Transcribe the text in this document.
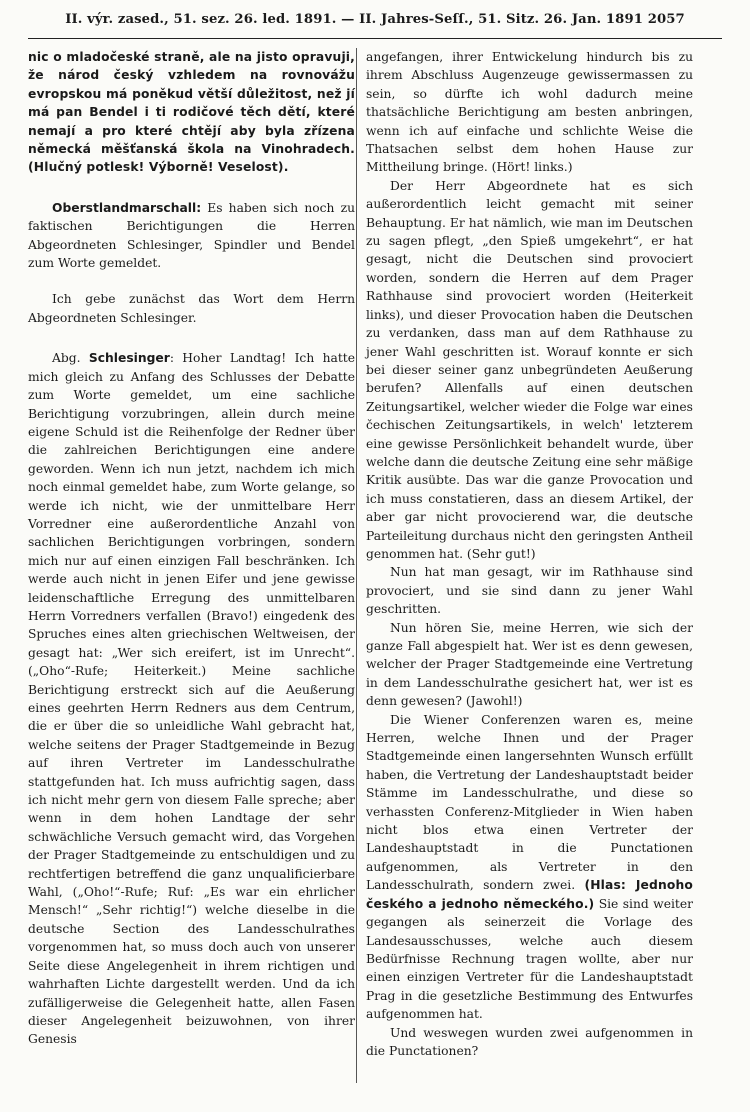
II. výr. zased., 51. sez. 26. led. 1891. — II. Jahres-Seſſ., 51. Sitz. 26. Jan. 1891 2057

nic o mladočeské straně, ale na jisto opravuji, že národ český vzhledem na rovnovážu evropskou má poněkud větší důležitost, než jí má pan Bendel i ti rodičové těch dětí, které nemají a pro které chtějí aby byla zřízena německá měšťanská škola na Vinohradech. (Hlučný potlesk! Výborně! Veselost).

Oberstlandmarschall: Es haben sich noch zu faktischen Berichtigungen die Herren Abgeordneten Schlesinger, Spindler und Bendel zum Worte gemeldet.

Ich gebe zunächst das Wort dem Herrn Abgeordneten Schlesinger.

Abg. Schlesinger: Hoher Landtag! Ich hatte mich gleich zu Anfang des Schlusses der Debatte zum Worte gemeldet, um eine sachliche Berichtigung vorzubringen, allein durch meine eigene Schuld ist die Reihenfolge der Redner über die zahlreichen Berichtigungen eine andere geworden. Wenn ich nun jetzt, nachdem ich mich noch einmal gemeldet habe, zum Worte gelange, so werde ich nicht, wie der unmittelbare Herr Vorredner eine außerordentliche Anzahl von sachlichen Berichtigungen vorbringen, sondern mich nur auf einen einzigen Fall beschränken. Ich werde auch nicht in jenen Eifer und jene gewisse leidenschaftliche Erregung des unmittelbaren Herrn Vorredners verfallen (Bravo!) eingedenk des Spruches eines alten griechischen Weltweisen, der gesagt hat: „Wer sich ereifert, ist im Unrecht“. („Oho“-Rufe; Heiterkeit.) Meine sachliche Berichtigung erstreckt sich auf die Aeußerung eines geehrten Herrn Redners aus dem Centrum, die er über die so unleidliche Wahl gebracht hat, welche seitens der Prager Stadtgemeinde in Bezug auf ihren Vertreter im Landesschulrathe stattgefunden hat. Ich muss aufrichtig sagen, dass ich nicht mehr gern von diesem Falle spreche; aber wenn in dem hohen Landtage der sehr schwächliche Versuch gemacht wird, das Vorgehen der Prager Stadtgemeinde zu entschuldigen und zu rechtfertigen betreffend die ganz unqualificierbare Wahl, („Oho!“-Rufe; Ruf: „Es war ein ehrlicher Mensch!“ „Sehr richtig!“) welche dieselbe in die deutsche Section des Landesschulrathes vorgenommen hat, so muss doch auch von unserer Seite diese Angelegenheit in ihrem richtigen und wahrhaften Lichte dargestellt werden. Und da ich zufälligerweise die Gelegenheit hatte, allen Fasen dieser Angelegenheit beizuwohnen, von ihrer Genesis

angefangen, ihrer Entwickelung hindurch bis zu ihrem Abschluss Augenzeuge gewissermassen zu sein, so dürfte ich wohl dadurch meine thatsächliche Berichtigung am besten anbringen, wenn ich auf einfache und schlichte Weise die Thatsachen selbst dem hohen Hause zur Mittheilung bringe. (Hört! links.)

Der Herr Abgeordnete hat es sich außerordentlich leicht gemacht mit seiner Behauptung. Er hat nämlich, wie man im Deutschen zu sagen pflegt, „den Spieß umgekehrt“, er hat gesagt, nicht die Deutschen sind provociert worden, sondern die Herren auf dem Prager Rathhause sind provociert worden (Heiterkeit links), und dieser Provocation haben die Deutschen zu verdanken, dass man auf dem Rathhause zu jener Wahl geschritten ist. Worauf konnte er sich bei dieser seiner ganz unbegründeten Aeußerung berufen? Allenfalls auf einen deutschen Zeitungsartikel, welcher wieder die Folge war eines čechischen Zeitungsartikels, in welch' letzterem eine gewisse Persönlichkeit behandelt wurde, über welche dann die deutsche Zeitung eine sehr mäßige Kritik ausübte. Das war die ganze Provocation und ich muss constatieren, dass an diesem Artikel, der aber gar nicht provocierend war, die deutsche Parteileitung durchaus nicht den geringsten Antheil genommen hat. (Sehr gut!)

Nun hat man gesagt, wir im Rathhause sind provociert, und sie sind dann zu jener Wahl geschritten.

Nun hören Sie, meine Herren, wie sich der ganze Fall abgespielt hat. Wer ist es denn gewesen, welcher der Prager Stadtgemeinde eine Vertretung in dem Landesschulrathe gesichert hat, wer ist es denn gewesen? (Jawohl!)

Die Wiener Conferenzen waren es, meine Herren, welche Ihnen und der Prager Stadtgemeinde einen langersehnten Wunsch erfüllt haben, die Vertretung der Landeshauptstadt beider Stämme im Landesschulrathe, und diese so verhassten Conferenz-Mitglieder in Wien haben nicht blos etwa einen Vertreter der Landeshauptstadt in die Punctationen aufgenommen, als Vertreter in den Landesschulrath, sondern zwei. (Hlas: Jednoho českého a jednoho německého.) Sie sind weiter gegangen als seinerzeit die Vorlage des Landesausschusses, welche auch diesem Bedürfnisse Rechnung tragen wollte, aber nur einen einzigen Vertreter für die Landeshauptstadt Prag in die gesetzliche Bestimmung des Entwurfes aufgenommen hat.

Und weswegen wurden zwei aufgenommen in die Punctationen?
